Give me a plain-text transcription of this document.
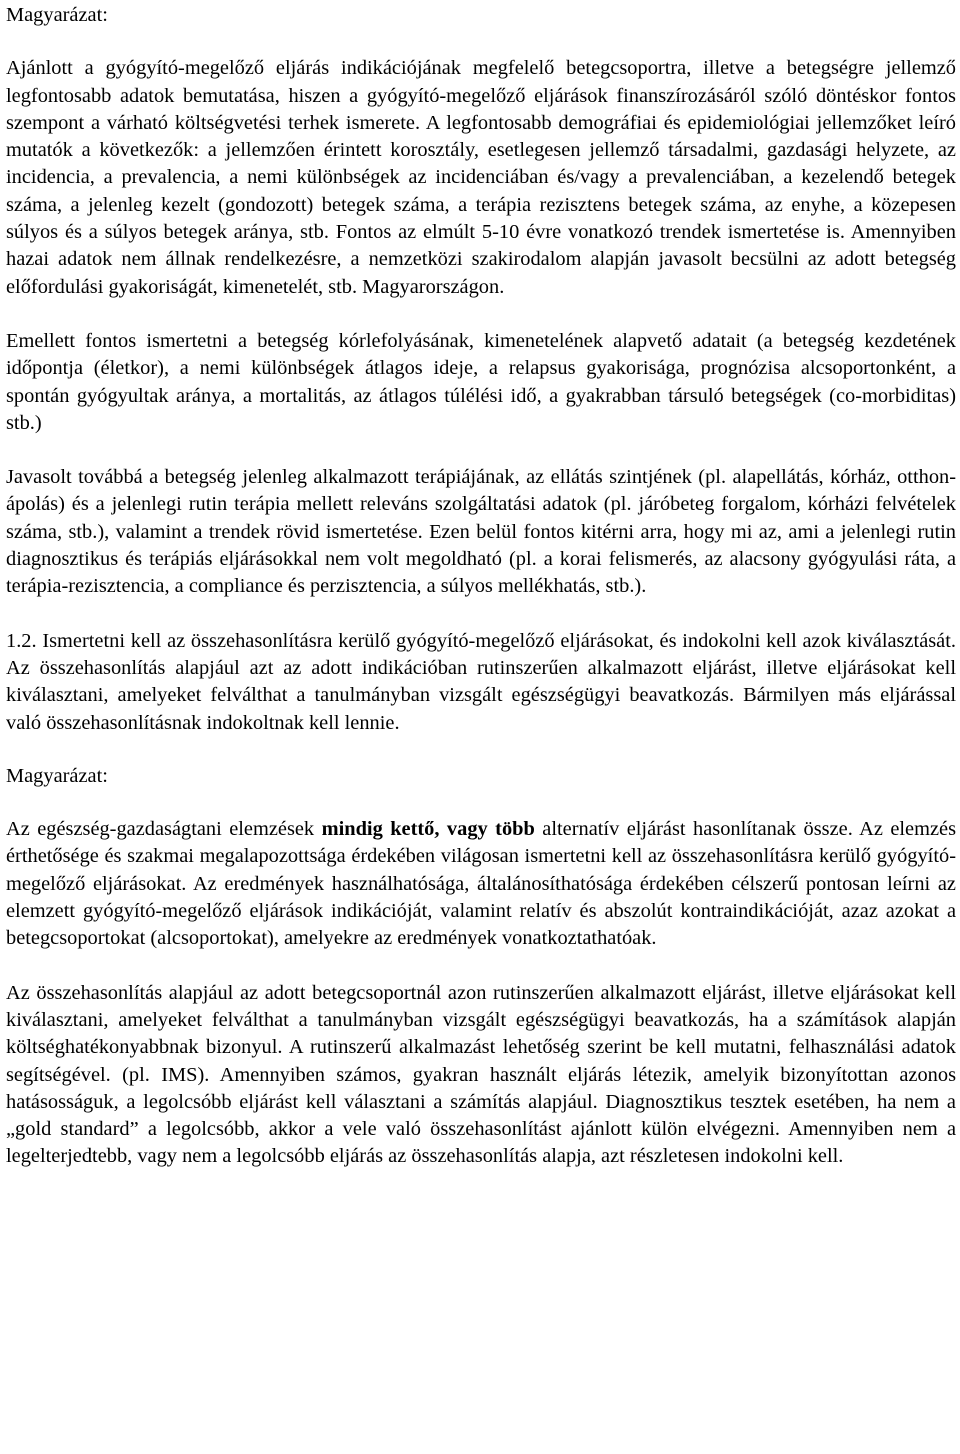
Magyarázat:

Ajánlott a gyógyító-megelőző eljárás indikációjának megfelelő betegcsoportra, illetve a betegségre jellemző legfontosabb adatok bemutatása, hiszen a gyógyító-megelőző eljárások finanszírozásáról szóló döntéskor fontos szempont a várható költségvetési terhek ismerete. A legfontosabb demográfiai és epidemiológiai jellemzőket leíró mutatók a következők: a jellemzően érintett korosztály, esetlegesen jellemző társadalmi, gazdasági helyzete, az incidencia, a prevalencia, a nemi különbségek az incidenciában és/vagy a prevalenciában, a kezelendő betegek száma, a jelenleg kezelt (gondozott) betegek száma, a terápia rezisztens betegek száma, az enyhe, a közepesen súlyos és a súlyos betegek aránya, stb. Fontos az elmúlt 5-10 évre vonatkozó trendek ismertetése is. Amennyiben hazai adatok nem állnak rendelkezésre, a nemzetközi szakirodalom alapján javasolt becsülni az adott betegség előfordulási gyakoriságát, kimenetelét, stb. Magyarországon.

Emellett fontos ismertetni a betegség kórlefolyásának, kimenetelének alapvető adatait (a betegség kezdetének időpontja (életkor), a nemi különbségek átlagos ideje, a relapsus gyakorisága, prognózisa alcsoportonként, a spontán gyógyultak aránya, a mortalitás, az átlagos túlélési idő, a gyakrabban társuló betegségek (co-morbiditas) stb.)

Javasolt továbbá a betegség jelenleg alkalmazott terápiájának, az ellátás szintjének (pl. alapellátás, kórház, otthon-ápolás) és a jelenlegi rutin terápia mellett releváns szolgáltatási adatok (pl. járóbeteg forgalom, kórházi felvételek száma, stb.), valamint a trendek rövid ismertetése. Ezen belül fontos kitérni arra, hogy mi az, ami a jelenlegi rutin diagnosztikus és terápiás eljárásokkal nem volt megoldható (pl. a korai felismerés, az alacsony gyógyulási ráta, a terápia-rezisztencia, a compliance és perzisztencia, a súlyos mellékhatás, stb.).

1.2. Ismertetni kell az összehasonlításra kerülő gyógyító-megelőző eljárásokat, és indokolni kell azok kiválasztását. Az összehasonlítás alapjául azt az adott indikációban rutinszerűen alkalmazott eljárást, illetve eljárásokat kell kiválasztani, amelyeket felválthat a tanulmányban vizsgált egészségügyi beavatkozás. Bármilyen más eljárással való összehasonlításnak indokoltnak kell lennie.

Magyarázat:

Az egészség-gazdaságtani elemzések mindig kettő, vagy több alternatív eljárást hasonlítanak össze. Az elemzés érthetősége és szakmai megalapozottsága érdekében világosan ismertetni kell az összehasonlításra kerülő gyógyító-megelőző eljárásokat. Az eredmények használhatósága, általánosíthatósága érdekében célszerű pontosan leírni az elemzett gyógyító-megelőző eljárások indikációját, valamint relatív és abszolút kontraindikációját, azaz azokat a betegcsoportokat (alcsoportokat), amelyekre az eredmények vonatkoztathatóak.

Az összehasonlítás alapjául az adott betegcsoportnál azon rutinszerűen alkalmazott eljárást, illetve eljárásokat kell kiválasztani, amelyeket felválthat a tanulmányban vizsgált egészségügyi beavatkozás, ha a számítások alapján költséghatékonyabbnak bizonyul. A rutinszerű alkalmazást lehetőség szerint be kell mutatni, felhasználási adatok segítségével. (pl. IMS). Amennyiben számos, gyakran használt eljárás létezik, amelyik bizonyítottan azonos hatásosságuk, a legolcsóbb eljárást kell választani a számítás alapjául. Diagnosztikus tesztek esetében, ha nem a „gold standard” a legolcsóbb, akkor a vele való összehasonlítást ajánlott külön elvégezni. Amennyiben nem a legelterjedtebb, vagy nem a legolcsóbb eljárás az összehasonlítás alapja, azt részletesen indokolni kell.
